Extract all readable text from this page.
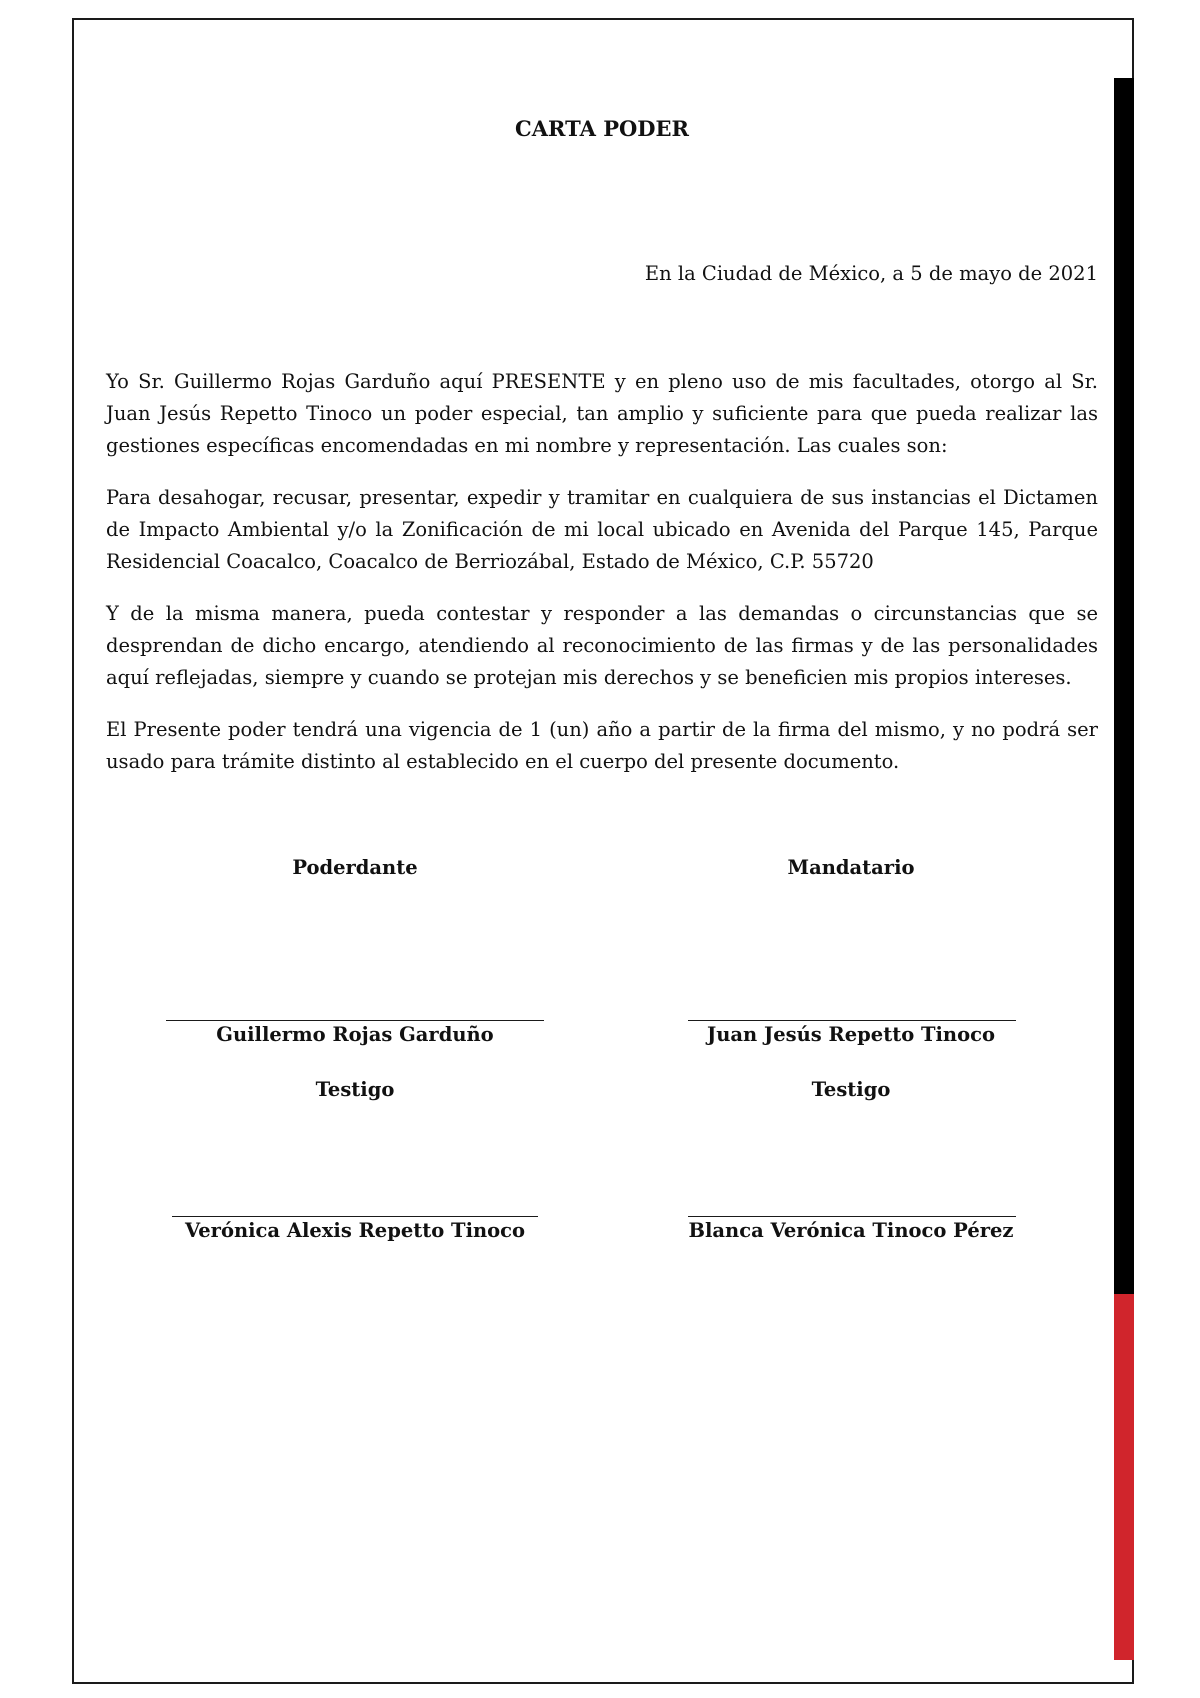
CARTA PODER

En la Ciudad de México, a 5 de mayo de 2021

Yo Sr. Guillermo Rojas Garduño aquí PRESENTE y en pleno uso de mis facultades, otorgo al Sr. Juan Jesús Repetto Tinoco un poder especial, tan amplio y suficiente para que pueda realizar las gestiones específicas encomendadas en mi nombre y representación. Las cuales son:

Para desahogar, recusar, presentar, expedir y tramitar en cualquiera de sus instancias el Dictamen de Impacto Ambiental y/o la Zonificación de mi local ubicado en Avenida del Parque 145, Parque Residencial Coacalco, Coacalco de Berriozábal, Estado de México, C.P. 55720

Y de la misma manera, pueda contestar y responder a las demandas o circunstancias que se desprendan de dicho encargo, atendiendo al reconocimiento de las firmas y de las personalidades aquí reflejadas, siempre y cuando se protejan mis derechos y se beneficien mis propios intereses.

El Presente poder tendrá una vigencia de 1 (un) año a partir de la firma del mismo, y no podrá ser usado para trámite distinto al establecido en el cuerpo del presente documento.

Poderdante	Mandatario

Guillermo Rojas Garduño	Juan Jesús Repetto Tinoco

Testigo	Testigo

Verónica Alexis Repetto Tinoco	Blanca Verónica Tinoco Pérez
